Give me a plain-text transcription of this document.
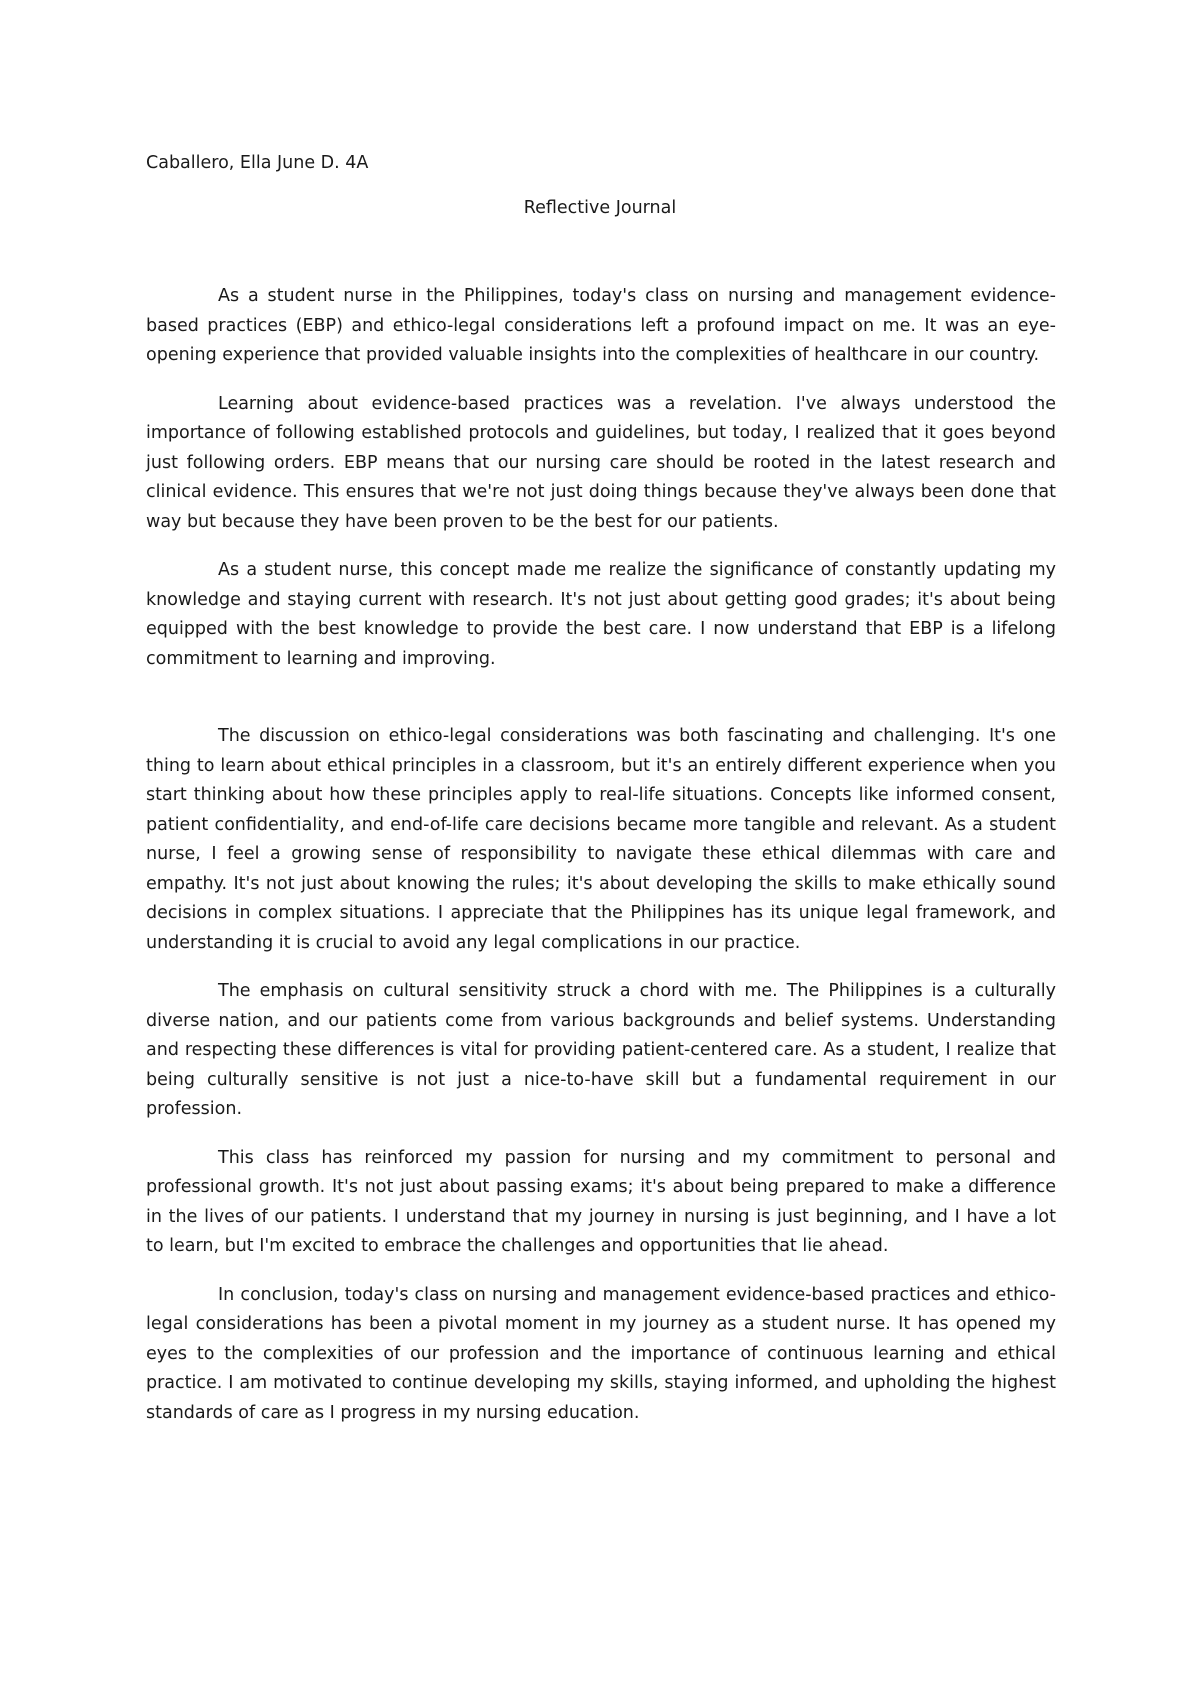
Caballero, Ella June D. 4A

Reflective Journal

As a student nurse in the Philippines, today's class on nursing and management evidence-based practices (EBP) and ethico-legal considerations left a profound impact on me. It was an eye-opening experience that provided valuable insights into the complexities of healthcare in our country.

Learning about evidence-based practices was a revelation. I've always understood the importance of following established protocols and guidelines, but today, I realized that it goes beyond just following orders. EBP means that our nursing care should be rooted in the latest research and clinical evidence. This ensures that we're not just doing things because they've always been done that way but because they have been proven to be the best for our patients.

As a student nurse, this concept made me realize the significance of constantly updating my knowledge and staying current with research. It's not just about getting good grades; it's about being equipped with the best knowledge to provide the best care. I now understand that EBP is a lifelong commitment to learning and improving.

The discussion on ethico-legal considerations was both fascinating and challenging. It's one thing to learn about ethical principles in a classroom, but it's an entirely different experience when you start thinking about how these principles apply to real-life situations. Concepts like informed consent, patient confidentiality, and end-of-life care decisions became more tangible and relevant. As a student nurse, I feel a growing sense of responsibility to navigate these ethical dilemmas with care and empathy. It's not just about knowing the rules; it's about developing the skills to make ethically sound decisions in complex situations. I appreciate that the Philippines has its unique legal framework, and understanding it is crucial to avoid any legal complications in our practice.

The emphasis on cultural sensitivity struck a chord with me. The Philippines is a culturally diverse nation, and our patients come from various backgrounds and belief systems. Understanding and respecting these differences is vital for providing patient-centered care. As a student, I realize that being culturally sensitive is not just a nice-to-have skill but a fundamental requirement in our profession.

This class has reinforced my passion for nursing and my commitment to personal and professional growth. It's not just about passing exams; it's about being prepared to make a difference in the lives of our patients. I understand that my journey in nursing is just beginning, and I have a lot to learn, but I'm excited to embrace the challenges and opportunities that lie ahead.

In conclusion, today's class on nursing and management evidence-based practices and ethico-legal considerations has been a pivotal moment in my journey as a student nurse. It has opened my eyes to the complexities of our profession and the importance of continuous learning and ethical practice. I am motivated to continue developing my skills, staying informed, and upholding the highest standards of care as I progress in my nursing education.
